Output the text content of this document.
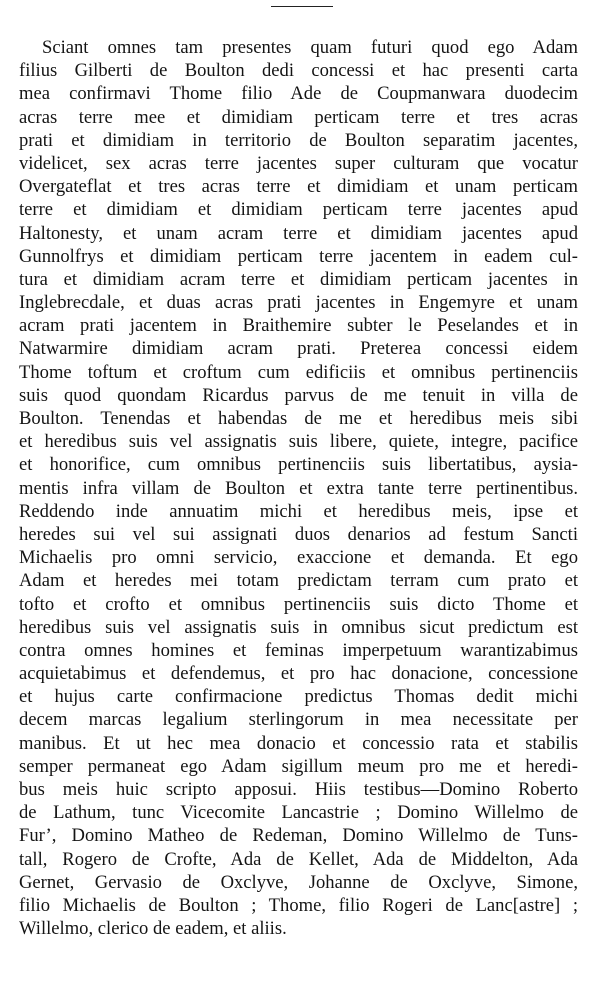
Sciant omnes tam presentes quam futuri quod ego Adam
filius Gilberti de Boulton dedi concessi et hac presenti carta
mea confirmavi Thome filio Ade de Coupmanwara duodecim
acras terre mee et dimidiam perticam terre et tres acras
prati et dimidiam in territorio de Boulton separatim jacentes,
videlicet, sex acras terre jacentes super culturam que vocatur
Overgateflat et tres acras terre et dimidiam et unam perticam
terre et dimidiam et dimidiam perticam terre jacentes apud
Haltonesty, et unam acram terre et dimidiam jacentes apud
Gunnolfrys et dimidiam perticam terre jacentem in eadem cul-
tura et dimidiam acram terre et dimidiam perticam jacentes in
Inglebrecdale, et duas acras prati jacentes in Engemyre et unam
acram prati jacentem in Braithemire subter le Peselandes et in
Natwarmire dimidiam acram prati. Preterea concessi eidem
Thome toftum et croftum cum edificiis et omnibus pertinenciis
suis quod quondam Ricardus parvus de me tenuit in villa de
Boulton. Tenendas et habendas de me et heredibus meis sibi
et heredibus suis vel assignatis suis libere, quiete, integre, pacifice
et honorifice, cum omnibus pertinenciis suis libertatibus, aysia-
mentis infra villam de Boulton et extra tante terre pertinentibus.
Reddendo inde annuatim michi et heredibus meis, ipse et
heredes sui vel sui assignati duos denarios ad festum Sancti
Michaelis pro omni servicio, exaccione et demanda. Et ego
Adam et heredes mei totam predictam terram cum prato et
tofto et crofto et omnibus pertinenciis suis dicto Thome et
heredibus suis vel assignatis suis in omnibus sicut predictum est
contra omnes homines et feminas imperpetuum warantizabimus
acquietabimus et defendemus, et pro hac donacione, concessione
et hujus carte confirmacione predictus Thomas dedit michi
decem marcas legalium sterlingorum in mea necessitate per
manibus. Et ut hec mea donacio et concessio rata et stabilis
semper permaneat ego Adam sigillum meum pro me et heredi-
bus meis huic scripto apposui. Hiis testibus—Domino Roberto
de Lathum, tunc Vicecomite Lancastrie ; Domino Willelmo de
Fur’, Domino Matheo de Redeman, Domino Willelmo de Tuns-
tall, Rogero de Crofte, Ada de Kellet, Ada de Middelton, Ada
Gernet, Gervasio de Oxclyve, Johanne de Oxclyve, Simone,
filio Michaelis de Boulton ; Thome, filio Rogeri de Lanc[astre] ;
Willelmo, clerico de eadem, et aliis.
